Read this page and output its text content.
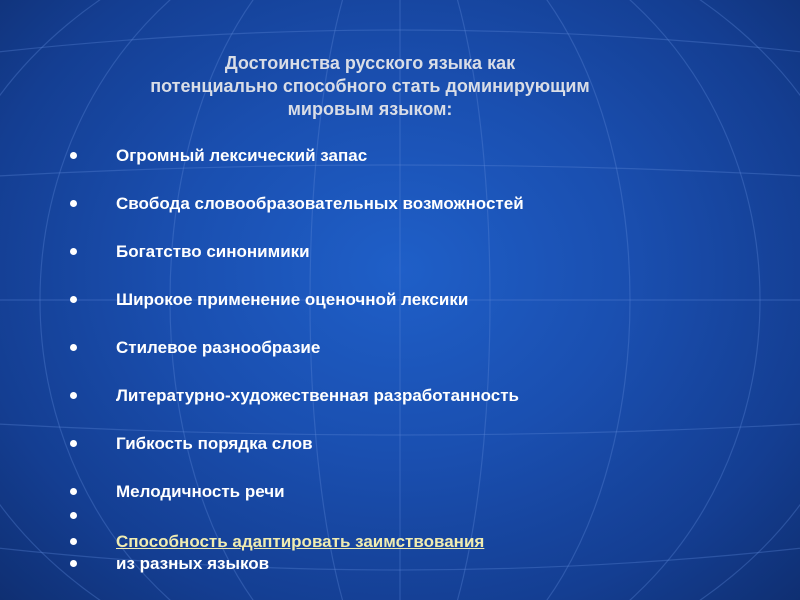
Достоинства русского языка как
потенциально способного стать доминирующим
мировым языком:
Огромный лексический запас
Свобода словообразовательных возможностей
Богатство синонимики
Широкое применение оценочной лексики
Стилевое разнообразие
Литературно-художественная разработанность
Гибкость порядка слов
Мелодичность речи
Способность адаптировать заимствования
из разных языков
